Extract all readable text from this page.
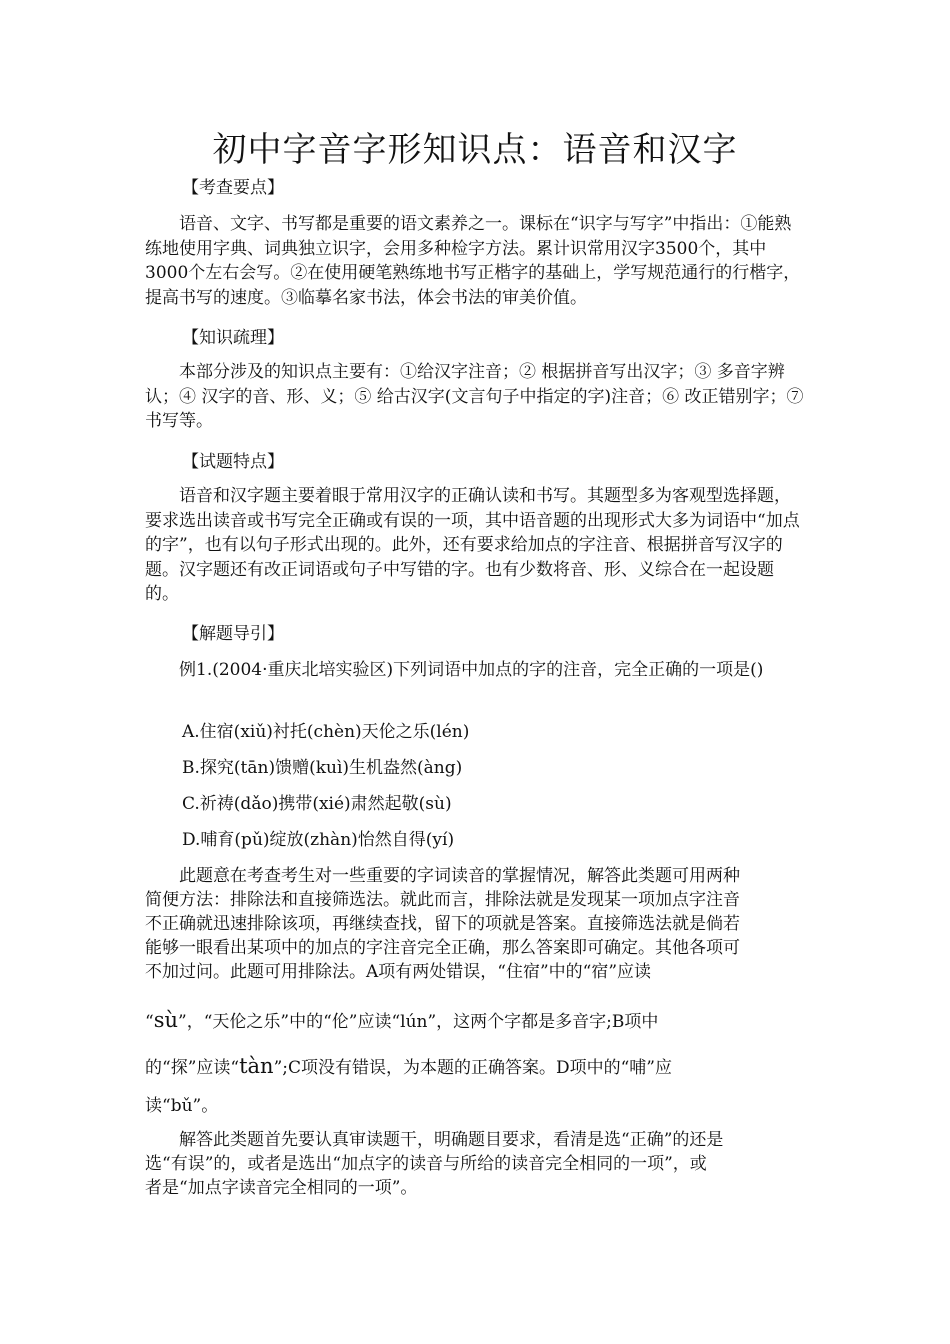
初中字音字形知识点：语音和汉字
【考查要点】

语音、文字、书写都是重要的语文素养之一。课标在“识字与写字”中指出：①能熟练地使用字典、词典独立识字，会用多种检字方法。累计识常用汉字3500个，其中3000个左右会写。②在使用硬笔熟练地书写正楷字的基础上，学写规范通行的行楷字，提高书写的速度。③临摹名家书法，体会书法的审美价值。

【知识疏理】

本部分涉及的知识点主要有：①给汉字注音；② 根据拼音写出汉字；③ 多音字辨认；④ 汉字的音、形、义；⑤ 给古汉字(文言句子中指定的字)注音；⑥ 改正错别字；⑦ 书写等。

【试题特点】

语音和汉字题主要着眼于常用汉字的正确认读和书写。其题型多为客观型选择题，要求选出读音或书写完全正确或有误的一项，其中语音题的出现形式大多为词语中“加点的字”，也有以句子形式出现的。此外，还有要求给加点的字注音、根据拼音写汉字的题。汉字题还有改正词语或句子中写错的字。也有少数将音、形、义综合在一起设题的。

【解题导引】

例1.(2004·重庆北培实验区)下列词语中加点的字的注音，完全正确的一项是()

A.住宿(xiǔ)衬托(chèn)天伦之乐(lén)
B.探究(tān)馈赠(kuì)生机盎然(àng)
C.祈祷(dǎo)携带(xié)肃然起敬(sù)
D.哺育(pǔ)绽放(zhàn)怡然自得(yí)

此题意在考查考生对一些重要的字词读音的掌握情况，解答此类题可用两种

简便方法：排除法和直接筛选法。就此而言，排除法就是发现某一项加点字注音

不正确就迅速排除该项，再继续查找，留下的项就是答案。直接筛选法就是倘若

能够一眼看出某项中的加点的字注音完全正确，那么答案即可确定。其他各项可

不加过问。此题可用排除法。A项有两处错误，“住宿”中的“宿”应读

“sù”，“天伦之乐”中的“伦”应读“lún”，这两个字都是多音字;B项中

的“探”应读“tàn”;C项没有错误，为本题的正确答案。D项中的“哺”应

读“bǔ”。

解答此类题首先要认真审读题干，明确题目要求，看清是选“正确”的还是

选“有误”的，或者是选出“加点字的读音与所给的读音完全相同的一项”，或

者是“加点字读音完全相同的一项”。
